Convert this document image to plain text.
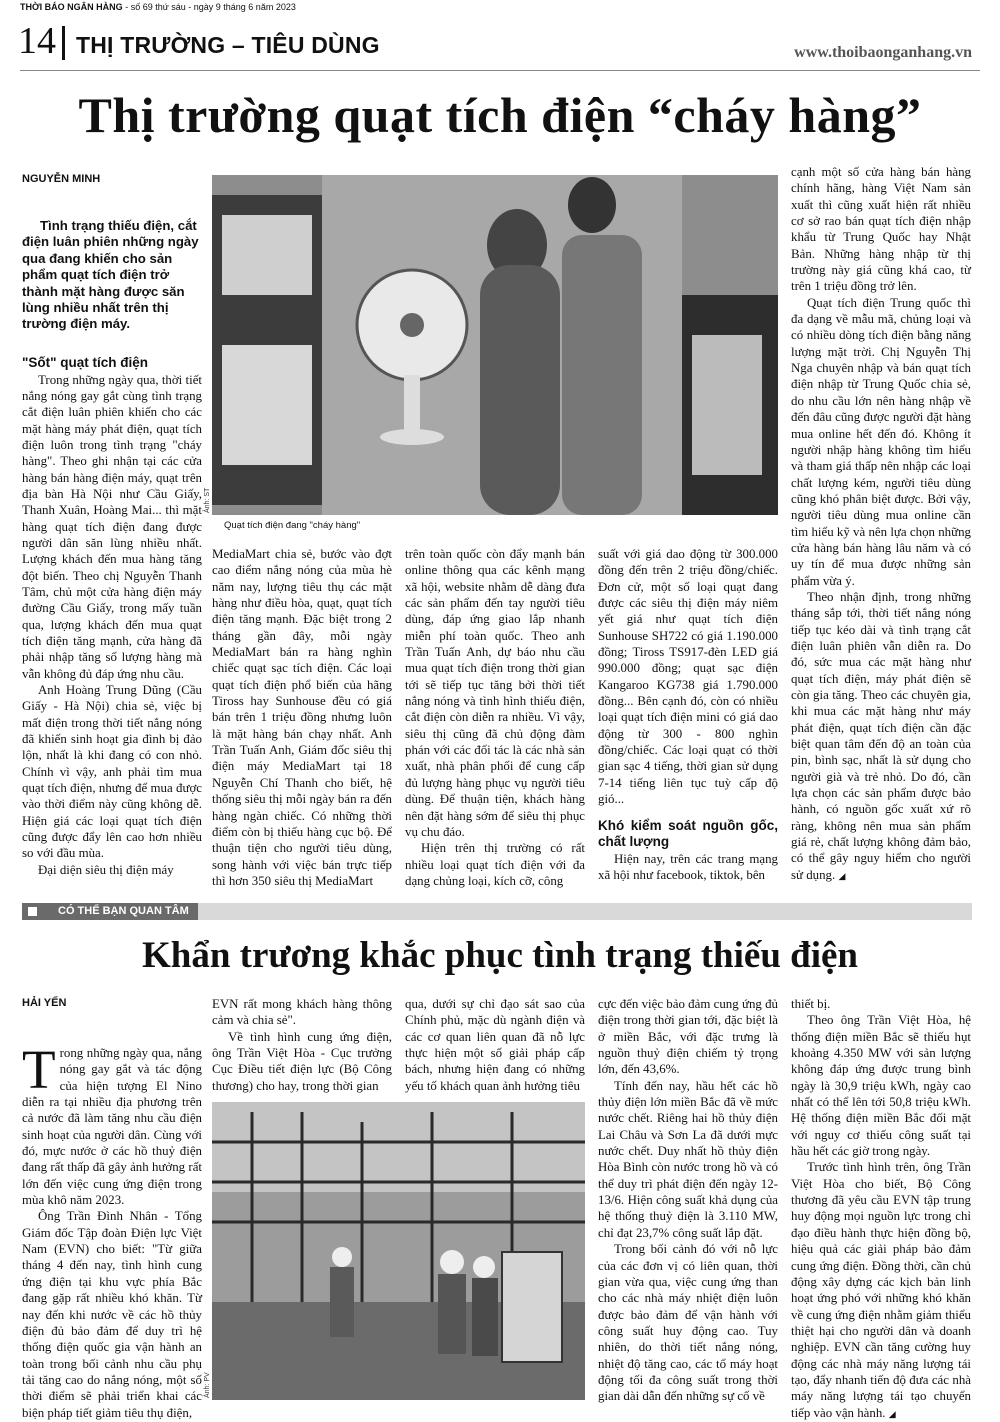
THỜI BÁO NGÂN HÀNG - số 69 thứ sáu - ngày 9 tháng 6 năm 2023
14 THỊ TRƯỜNG – TIÊU DÙNG	www.thoibaonganhang.vn
Thị trường quạt tích điện “cháy hàng”
NGUYỄN MINH
Tình trạng thiếu điện, cắt điện luân phiên những ngày qua đang khiến cho sản phẩm quạt tích điện trở thành mặt hàng được săn lùng nhiều nhất trên thị trường điện máy.

"Sốt" quạt tích điện

Trong những ngày qua, thời tiết nắng nóng gay gắt cùng tình trạng cắt điện luân phiên khiến cho các mặt hàng máy phát điện, quạt tích điện luôn trong tình trạng "cháy hàng". Theo ghi nhận tại các cửa hàng bán hàng điện máy, quạt trên địa bàn Hà Nội như Cầu Giấy, Thanh Xuân, Hoàng Mai... thì mặt hàng quạt tích điện đang được người dân săn lùng nhiều nhất. Lượng khách đến mua hàng tăng đột biến. Theo chị Nguyễn Thanh Tâm, chủ một cửa hàng điện máy đường Cầu Giấy, trong mấy tuần qua, lượng khách đến mua quạt tích điện tăng mạnh, cửa hàng đã phải nhập tăng số lượng hàng mà vẫn không đủ đáp ứng nhu cầu.

Anh Hoàng Trung Dũng (Cầu Giấy - Hà Nội) chia sẻ, việc bị mất điện trong thời tiết nắng nóng đã khiến sinh hoạt gia đình bị đảo lộn, nhất là khi đang có con nhỏ. Chính vì vậy, anh phải tìm mua quạt tích điện, nhưng để mua được vào thời điểm này cũng không dễ. Hiện giá các loại quạt tích điện cũng được đẩy lên cao hơn nhiều so với đầu mùa.

Đại diện siêu thị điện máy

Quạt tích điện đang "cháy hàng"
Ảnh: ST

MediaMart chia sẻ, bước vào đợt cao điểm nắng nóng của mùa hè năm nay, lượng tiêu thụ các mặt hàng như điều hòa, quạt, quạt tích điện tăng mạnh. Đặc biệt trong 2 tháng gần đây, mỗi ngày MediaMart bán ra hàng nghìn chiếc quạt sạc tích điện. Các loại quạt tích điện phổ biến của hãng Tiross hay Sunhouse đều có giá bán trên 1 triệu đồng nhưng luôn là mặt hàng bán chạy nhất. Anh Trần Tuấn Anh, Giám đốc siêu thị điện máy MediaMart tại 18 Nguyễn Chí Thanh cho biết, hệ thống siêu thị mỗi ngày bán ra đến hàng ngàn chiếc. Có những thời điểm còn bị thiếu hàng cục bộ. Để thuận tiện cho người tiêu dùng, song hành với việc bán trực tiếp thì hơn 350 siêu thị MediaMart

trên toàn quốc còn đẩy mạnh bán online thông qua các kênh mạng xã hội, website nhằm dễ dàng đưa các sản phẩm đến tay người tiêu dùng, đáp ứng giao lắp nhanh miễn phí toàn quốc. Theo anh Trần Tuấn Anh, dự báo nhu cầu mua quạt tích điện trong thời gian tới sẽ tiếp tục tăng bởi thời tiết nắng nóng và tình hình thiếu điện, cắt điện còn diễn ra nhiều. Vì vậy, siêu thị cũng đã chủ động đàm phán với các đối tác là các nhà sản xuất, nhà phân phối để cung cấp đủ lượng hàng phục vụ người tiêu dùng. Để thuận tiện, khách hàng nên đặt hàng sớm để siêu thị phục vụ chu đáo.

Hiện trên thị trường có rất nhiều loại quạt tích điện với đa dạng chủng loại, kích cỡ, công

suất với giá dao động từ 300.000 đồng đến trên 2 triệu đồng/chiếc. Đơn cử, một số loại quạt đang được các siêu thị điện máy niêm yết giá như quạt tích điện Sunhouse SH722 có giá 1.190.000 đồng; Tiross TS917-đèn LED giá 990.000 đồng; quạt sạc điện Kangaroo KG738 giá 1.790.000 đồng... Bên cạnh đó, còn có nhiều loại quạt tích điện mini có giá dao động từ 300 - 800 nghìn đồng/chiếc. Các loại quạt có thời gian sạc 4 tiếng, thời gian sử dụng 7-14 tiếng liên tục tuỳ cấp độ gió...

Khó kiểm soát nguồn gốc, chất lượng

Hiện nay, trên các trang mạng xã hội như facebook, tiktok, bên

cạnh một số cửa hàng bán hàng chính hãng, hàng Việt Nam sản xuất thì cũng xuất hiện rất nhiều cơ sở rao bán quạt tích điện nhập khẩu từ Trung Quốc hay Nhật Bản. Những hàng nhập từ thị trường này giá cũng khá cao, từ trên 1 triệu đồng trở lên.

Quạt tích điện Trung quốc thì đa dạng về mẫu mã, chủng loại và có nhiều dòng tích điện bằng năng lượng mặt trời. Chị Nguyễn Thị Nga chuyên nhập và bán quạt tích điện nhập từ Trung Quốc chia sẻ, do nhu cầu lớn nên hàng nhập về đến đâu cũng được người đặt hàng mua online hết đến đó. Không ít người nhập hàng không tìm hiểu và tham giá thấp nên nhập các loại chất lượng kém, người tiêu dùng cũng khó phân biệt được. Bởi vậy, người tiêu dùng mua online cần tìm hiểu kỹ và nên lựa chọn những cửa hàng bán hàng lâu năm và có uy tín để mua được những sản phẩm vừa ý.

Theo nhận định, trong những tháng sắp tới, thời tiết nắng nóng tiếp tục kéo dài và tình trạng cắt điện luân phiên vẫn diễn ra. Do đó, sức mua các mặt hàng như quạt tích điện, máy phát điện sẽ còn gia tăng. Theo các chuyên gia, khi mua các mặt hàng như máy phát điện, quạt tích điện cần đặc biệt quan tâm đến độ an toàn của pin, bình sạc, nhất là sử dụng cho người già và trẻ nhỏ. Do đó, cần lựa chọn các sản phẩm được bảo hành, có nguồn gốc xuất xứ rõ ràng, không nên mua sản phẩm giá rẻ, chất lượng không đảm bảo, có thể gây nguy hiểm cho người sử dụng. ◢

CÓ THỂ BẠN QUAN TÂM
Khẩn trương khắc phục tình trạng thiếu điện
HẢI YẾN

Trong những ngày qua, nắng nóng gay gắt và tác động của hiện tượng El Nino diễn ra tại nhiều địa phương trên cả nước đã làm tăng nhu cầu điện sinh hoạt của người dân. Cùng với đó, mực nước ở các hồ thuỷ điện đang rất thấp đã gây ảnh hưởng rất lớn đến việc cung ứng điện trong mùa khô năm 2023.

Ông Trần Đình Nhân - Tổng Giám đốc Tập đoàn Điện lực Việt Nam (EVN) cho biết: "Từ giữa tháng 4 đến nay, tình hình cung ứng điện tại khu vực phía Bắc đang gặp rất nhiều khó khăn. Từ nay đến khi nước về các hồ thủy điện đủ bảo đảm để duy trì hệ thống điện quốc gia vận hành an toàn trong bối cảnh nhu cầu phụ tải tăng cao do nắng nóng, một số thời điểm sẽ phải triển khai các biện pháp tiết giảm tiêu thụ điện,

EVN rất mong khách hàng thông cảm và chia sẻ".

Về tình hình cung ứng điện, ông Trần Việt Hòa - Cục trưởng Cục Điều tiết điện lực (Bộ Công thương) cho hay, trong thời gian

qua, dưới sự chỉ đạo sát sao của Chính phủ, mặc dù ngành điện và các cơ quan liên quan đã nỗ lực thực hiện một số giải pháp cấp bách, nhưng hiện đang có những yếu tố khách quan ảnh hưởng tiêu

Ảnh: PV

cực đến việc bảo đảm cung ứng đủ điện trong thời gian tới, đặc biệt là ở miền Bắc, với đặc trưng là nguồn thuỷ điện chiếm tỷ trọng lớn, đến 43,6%.

Tính đến nay, hầu hết các hồ thủy điện lớn miền Bắc đã về mức nước chết. Riêng hai hồ thủy điện Lai Châu và Sơn La đã dưới mực nước chết. Duy nhất hồ thủy điện Hòa Bình còn nước trong hồ và có thể duy trì phát điện đến ngày 12-13/6. Hiện công suất khả dụng của hệ thống thuỷ điện là 3.110 MW, chỉ đạt 23,7% công suất lắp đặt.

Trong bối cảnh đó với nỗ lực của các đơn vị có liên quan, thời gian vừa qua, việc cung ứng than cho các nhà máy nhiệt điện luôn được bảo đảm để vận hành với công suất huy động cao. Tuy nhiên, do thời tiết nắng nóng, nhiệt độ tăng cao, các tổ máy hoạt động tối đa công suất trong thời gian dài dẫn đến những sự cố về

thiết bị.

Theo ông Trần Việt Hòa, hệ thống điện miền Bắc sẽ thiếu hụt khoảng 4.350 MW với sản lượng không đáp ứng được trung bình ngày là 30,9 triệu kWh, ngày cao nhất có thể lên tới 50,8 triệu kWh. Hệ thống điện miền Bắc đối mặt với nguy cơ thiếu công suất tại hầu hết các giờ trong ngày.

Trước tình hình trên, ông Trần Việt Hòa cho biết, Bộ Công thương đã yêu cầu EVN tập trung huy động mọi nguồn lực trong chỉ đạo điều hành thực hiện đồng bộ, hiệu quả các giải pháp bảo đảm cung ứng điện. Đồng thời, cần chủ động xây dựng các kịch bản linh hoạt ứng phó với những khó khăn về cung ứng điện nhằm giảm thiểu thiệt hại cho người dân và doanh nghiệp. EVN cần tăng cường huy động các nhà máy năng lượng tái tạo, đẩy nhanh tiến độ đưa các nhà máy năng lượng tái tạo chuyển tiếp vào vận hành. ◢
